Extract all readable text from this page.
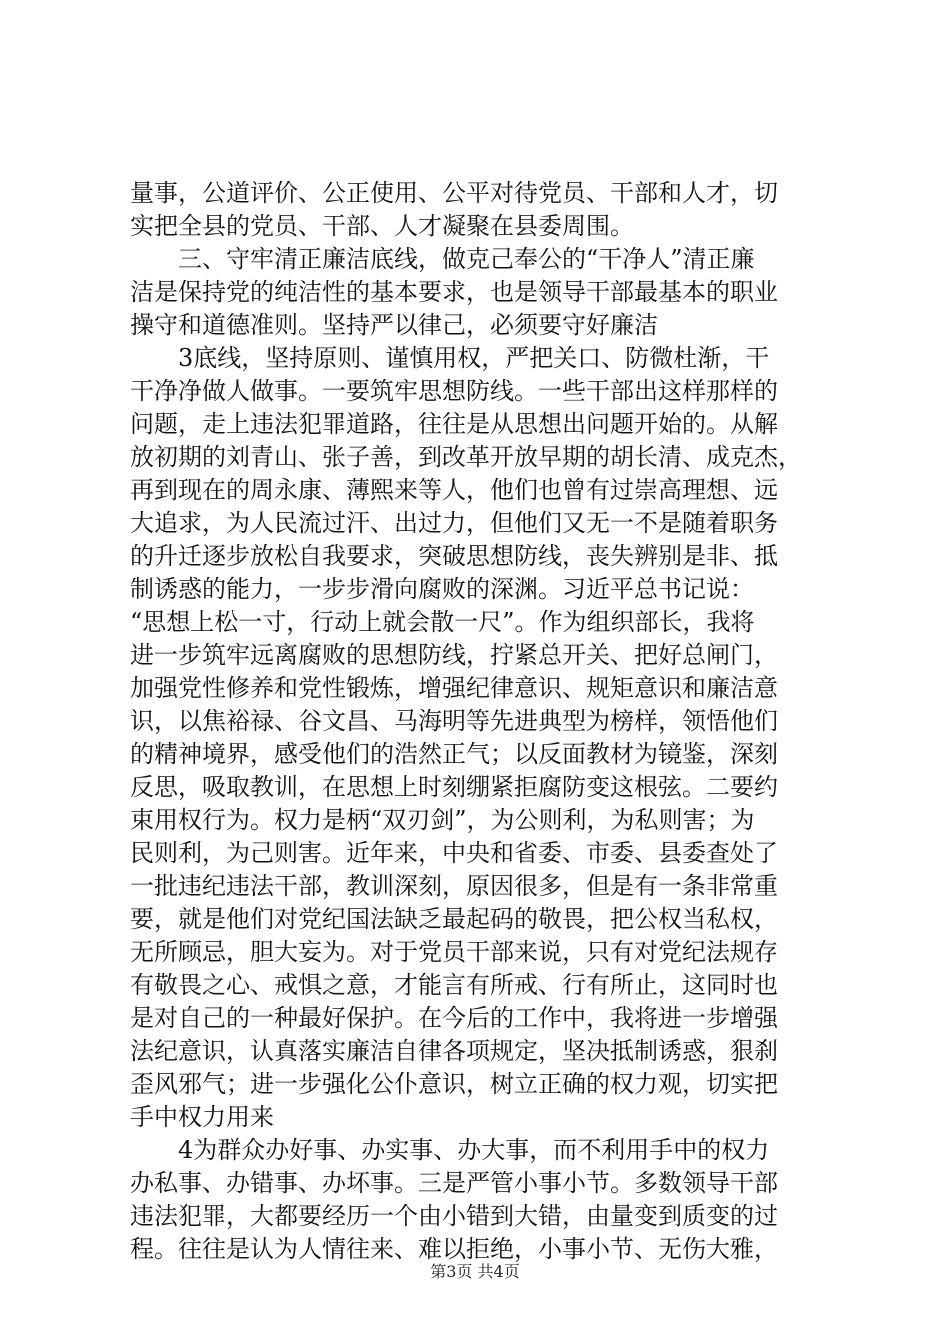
量事，公道评价、公正使用、公平对待党员、干部和人才，切
实把全县的党员、干部、人才凝聚在县委周围。
三、守牢清正廉洁底线，做克己奉公的“干净人”清正廉
洁是保持党的纯洁性的基本要求，也是领导干部最基本的职业
操守和道德准则。坚持严以律己，必须要守好廉洁
3底线，坚持原则、谨慎用权，严把关口、防微杜渐，干
干净净做人做事。一要筑牢思想防线。一些干部出这样那样的
问题，走上违法犯罪道路，往往是从思想出问题开始的。从解
放初期的刘青山、张子善，到改革开放早期的胡长清、成克杰，
再到现在的周永康、薄熙来等人，他们也曾有过崇高理想、远
大追求，为人民流过汗、出过力，但他们又无一不是随着职务
的升迁逐步放松自我要求，突破思想防线，丧失辨别是非、抵
制诱惑的能力，一步步滑向腐败的深渊。习近平总书记说：
“思想上松一寸，行动上就会散一尺”。作为组织部长，我将
进一步筑牢远离腐败的思想防线，拧紧总开关、把好总闸门，
加强党性修养和党性锻炼，增强纪律意识、规矩意识和廉洁意
识，以焦裕禄、谷文昌、马海明等先进典型为榜样，领悟他们
的精神境界，感受他们的浩然正气；以反面教材为镜鉴，深刻
反思，吸取教训，在思想上时刻绷紧拒腐防变这根弦。二要约
束用权行为。权力是柄“双刃剑”，为公则利，为私则害；为
民则利，为己则害。近年来，中央和省委、市委、县委查处了
一批违纪违法干部，教训深刻，原因很多，但是有一条非常重
要，就是他们对党纪国法缺乏最起码的敬畏，把公权当私权，
无所顾忌，胆大妄为。对于党员干部来说，只有对党纪法规存
有敬畏之心、戒惧之意，才能言有所戒、行有所止，这同时也
是对自己的一种最好保护。在今后的工作中，我将进一步增强
法纪意识，认真落实廉洁自律各项规定，坚决抵制诱惑，狠刹
歪风邪气；进一步强化公仆意识，树立正确的权力观，切实把
手中权力用来
4为群众办好事、办实事、办大事，而不利用手中的权力
办私事、办错事、办坏事。三是严管小事小节。多数领导干部
违法犯罪，大都要经历一个由小错到大错，由量变到质变的过
程。往往是认为人情往来、难以拒绝，小事小节、无伤大雅，
第3页 共4页
